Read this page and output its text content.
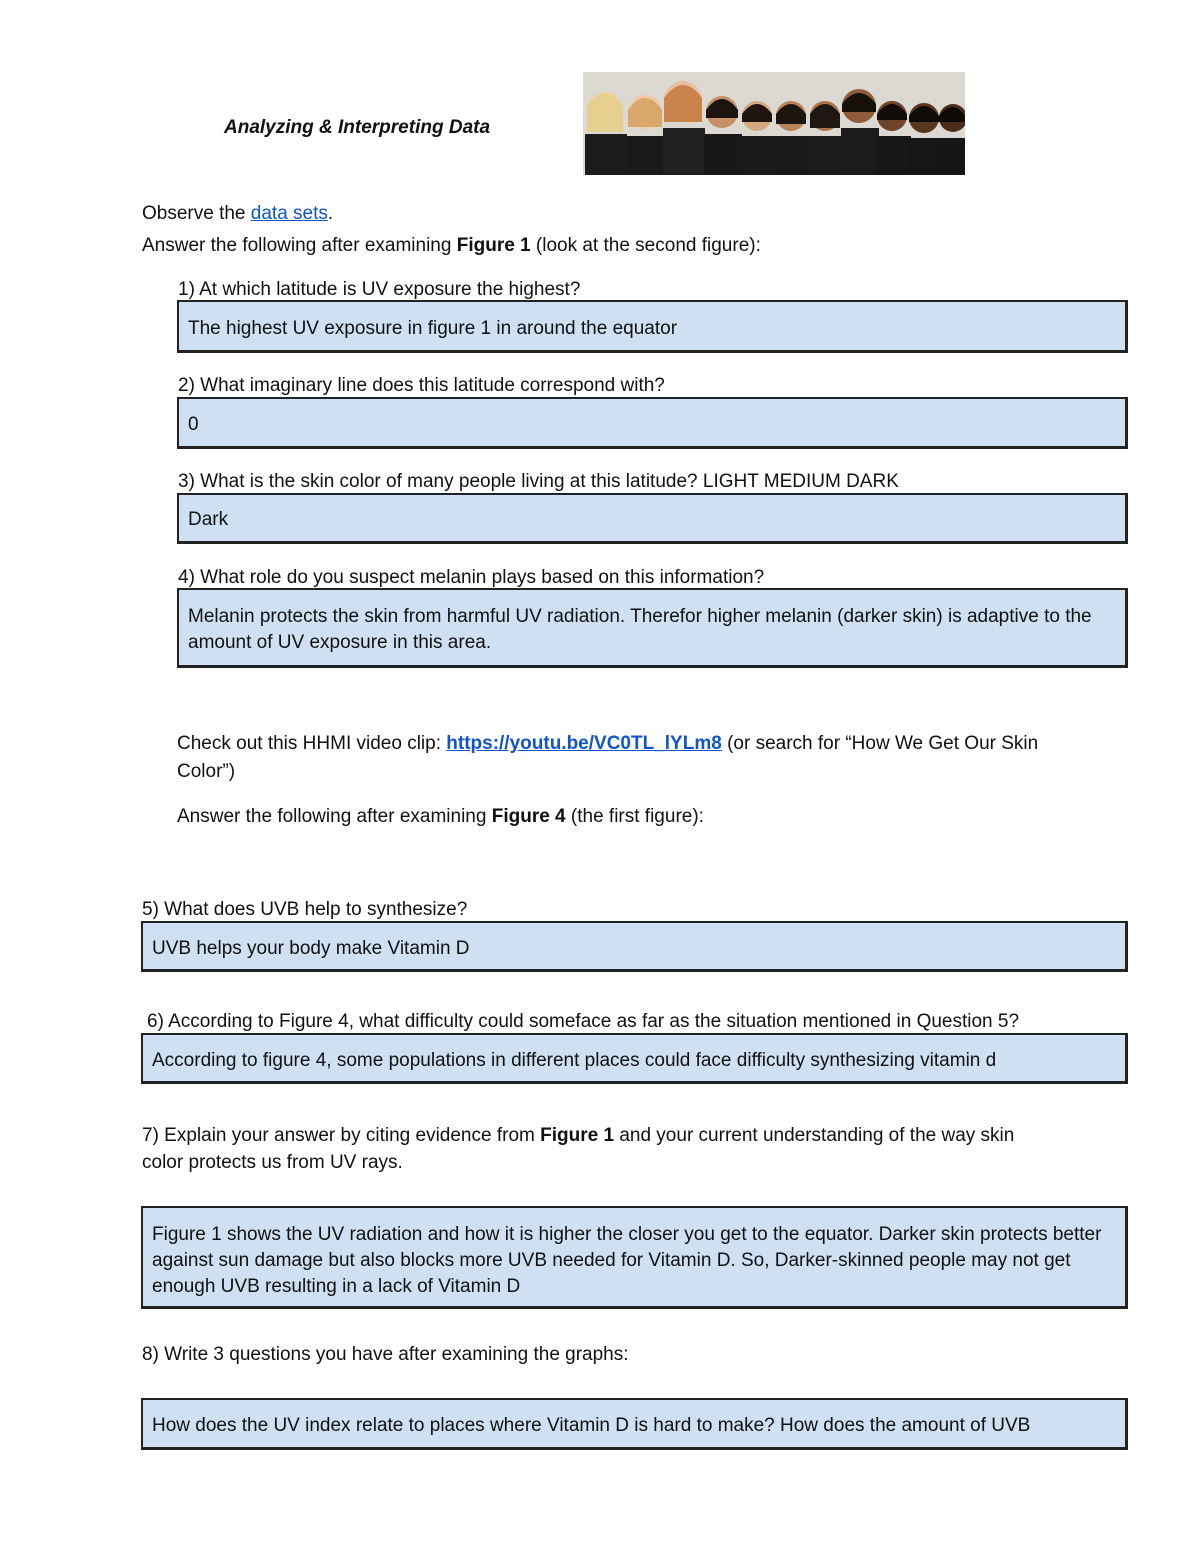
Analyzing & Interpreting Data
Observe the data sets.
Answer the following after examining Figure 1 (look at the second figure):
1) At which latitude is UV exposure the highest?
The highest UV exposure in figure 1 in around the equator
2) What imaginary line does this latitude correspond with?
0
3) What is the skin color of many people living at this latitude? LIGHT MEDIUM DARK
Dark
4) What role do you suspect melanin plays based on this information?
Melanin protects the skin from harmful UV radiation. Therefor higher melanin (darker skin) is adaptive to the amount of UV exposure in this area.
Check out this HHMI video clip: https://youtu.be/VC0TL_lYLm8 (or search for “How We Get Our Skin
Color”)
Answer the following after examining Figure 4 (the first figure):
5) What does UVB help to synthesize?
UVB helps your body make Vitamin D
6) According to Figure 4, what difficulty could someface as far as the situation mentioned in Question 5?
According to figure 4, some populations in different places could face difficulty synthesizing vitamin d
7) Explain your answer by citing evidence from Figure 1 and your current understanding of the way skin
color protects us from UV rays.
Figure 1 shows the UV radiation and how it is higher the closer you get to the equator. Darker skin protects better against sun damage but also blocks more UVB needed for Vitamin D. So, Darker-skinned people may not get enough UVB resulting in a lack of Vitamin D
8) Write 3 questions you have after examining the graphs:
How does the UV index relate to places where Vitamin D is hard to make? How does the amount of UVB
